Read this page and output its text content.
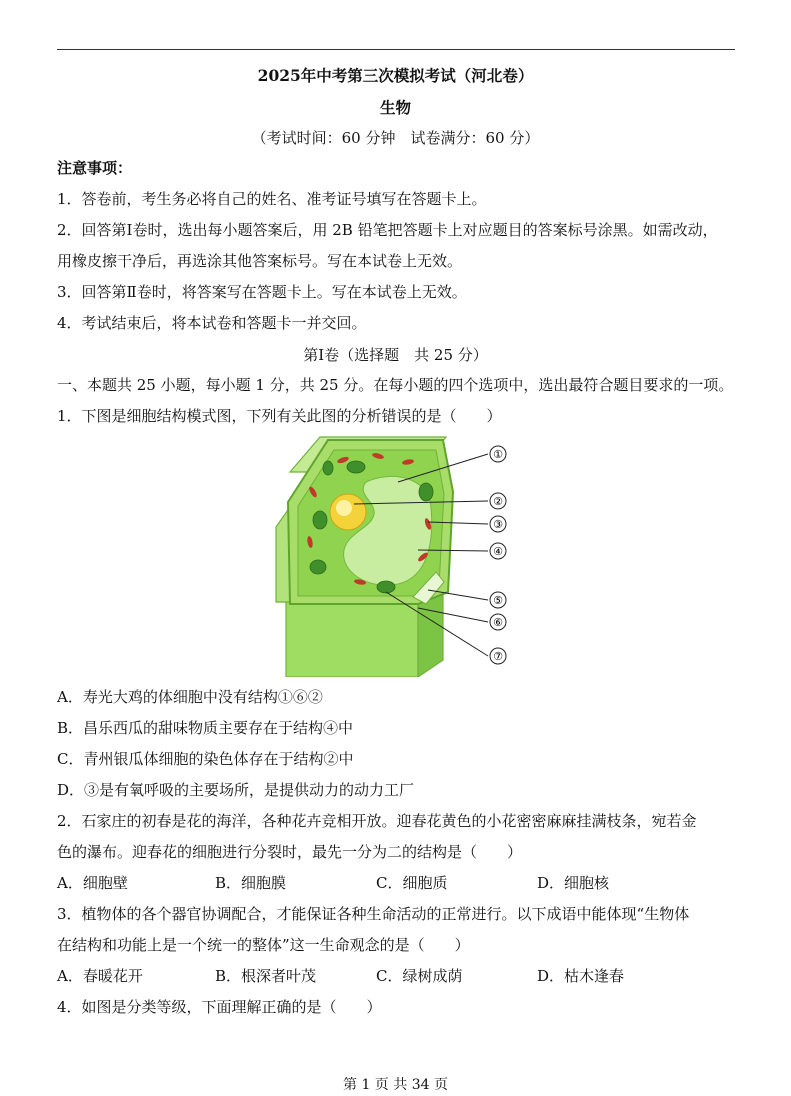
2025年中考第三次模拟考试（河北卷）
生物
（考试时间：60 分钟　试卷满分：60 分）
注意事项：
1．答卷前，考生务必将自己的姓名、准考证号填写在答题卡上。
2．回答第Ⅰ卷时，选出每小题答案后，用 2B 铅笔把答题卡上对应题目的答案标号涂黑。如需改动，
用橡皮擦干净后，再选涂其他答案标号。写在本试卷上无效。
3．回答第Ⅱ卷时，将答案写在答题卡上。写在本试卷上无效。
4．考试结束后，将本试卷和答题卡一并交回。
第Ⅰ卷（选择题　共 25 分）
一、本题共 25 小题，每小题 1 分，共 25 分。在每小题的四个选项中，选出最符合题目要求的一项。
1．下图是细胞结构模式图，下列有关此图的分析错误的是（　　）
①
②
③
④
⑤
⑥
⑦
A．寿光大鸡的体细胞中没有结构①⑥②
B．昌乐西瓜的甜味物质主要存在于结构④中
C．青州银瓜体细胞的染色体存在于结构②中
D．③是有氧呼吸的主要场所，是提供动力的动力工厂
2．石家庄的初春是花的海洋，各种花卉竞相开放。迎春花黄色的小花密密麻麻挂满枝条，宛若金
色的瀑布。迎春花的细胞进行分裂时，最先一分为二的结构是（　　）
A．细胞壁	B．细胞膜	C．细胞质	D．细胞核
3．植物体的各个器官协调配合，才能保证各种生命活动的正常进行。以下成语中能体现“生物体
在结构和功能上是一个统一的整体”这一生命观念的是（　　）
A．春暖花开	B．根深者叶茂	C．绿树成荫	D．枯木逢春
4．如图是分类等级，下面理解正确的是（　　）
第 1 页 共 34 页
